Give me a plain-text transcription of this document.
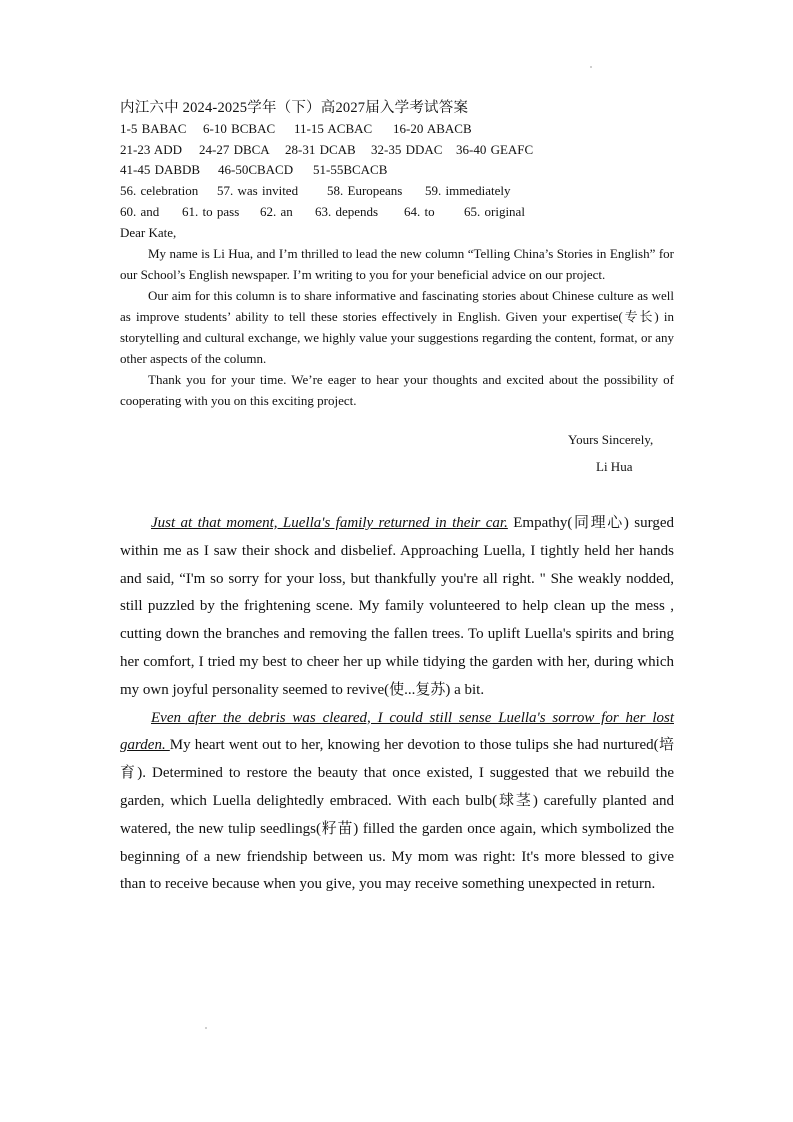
内江六中 2024-2025学年（下）高2027届入学考试答案
1-5 BABAC 6-10 BCBAC 11-15 ACBAC 16-20 ABACB
21-23 ADD 24-27 DBCA 28-31 DCAB 32-35 DDAC 36-40 GEAFC
41-45 DABDB 46-50CBACD 51-55BCACB
56. celebration 57. was invited 58. Europeans 59. immediately
60. and 61. to pass 62. an 63. depends 64. to 65. original

Dear Kate,

My name is Li Hua, and I’m thrilled to lead the new column “Telling China’s Stories in English” for our School’s English newspaper. I’m writing to you for your beneficial advice on our project.

Our aim for this column is to share informative and fascinating stories about Chinese culture as well as improve students’ ability to tell these stories effectively in English. Given your expertise(专长) in storytelling and cultural exchange, we highly value your suggestions regarding the content, format, or any other aspects of the column.

Thank you for your time. We’re eager to hear your thoughts and excited about the possibility of cooperating with you on this exciting project.

Yours Sincerely,
Li Hua

Just at that moment, Luella's family returned in their car. Empathy(同理心) surged within me as I saw their shock and disbelief. Approaching Luella, I tightly held her hands and said, “I'm so sorry for your loss, but thankfully you're all right. " She weakly nodded, still puzzled by the frightening scene. My family volunteered to help clean up the mess , cutting down the branches and removing the fallen trees. To uplift Luella's spirits and bring her comfort, I tried my best to cheer her up while tidying the garden with her, during which my own joyful personality seemed to revive(使...复苏) a bit.

Even after the debris was cleared, I could still sense Luella's sorrow for her lost garden. My heart went out to her, knowing her devotion to those tulips she had nurtured(培育). Determined to restore the beauty that once existed, I suggested that we rebuild the garden, which Luella delightedly embraced. With each bulb(球茎) carefully planted and watered, the new tulip seedlings(籽苗) filled the garden once again, which symbolized the beginning of a new friendship between us. My mom was right: It's more blessed to give than to receive because when you give, you may receive something unexpected in return.
